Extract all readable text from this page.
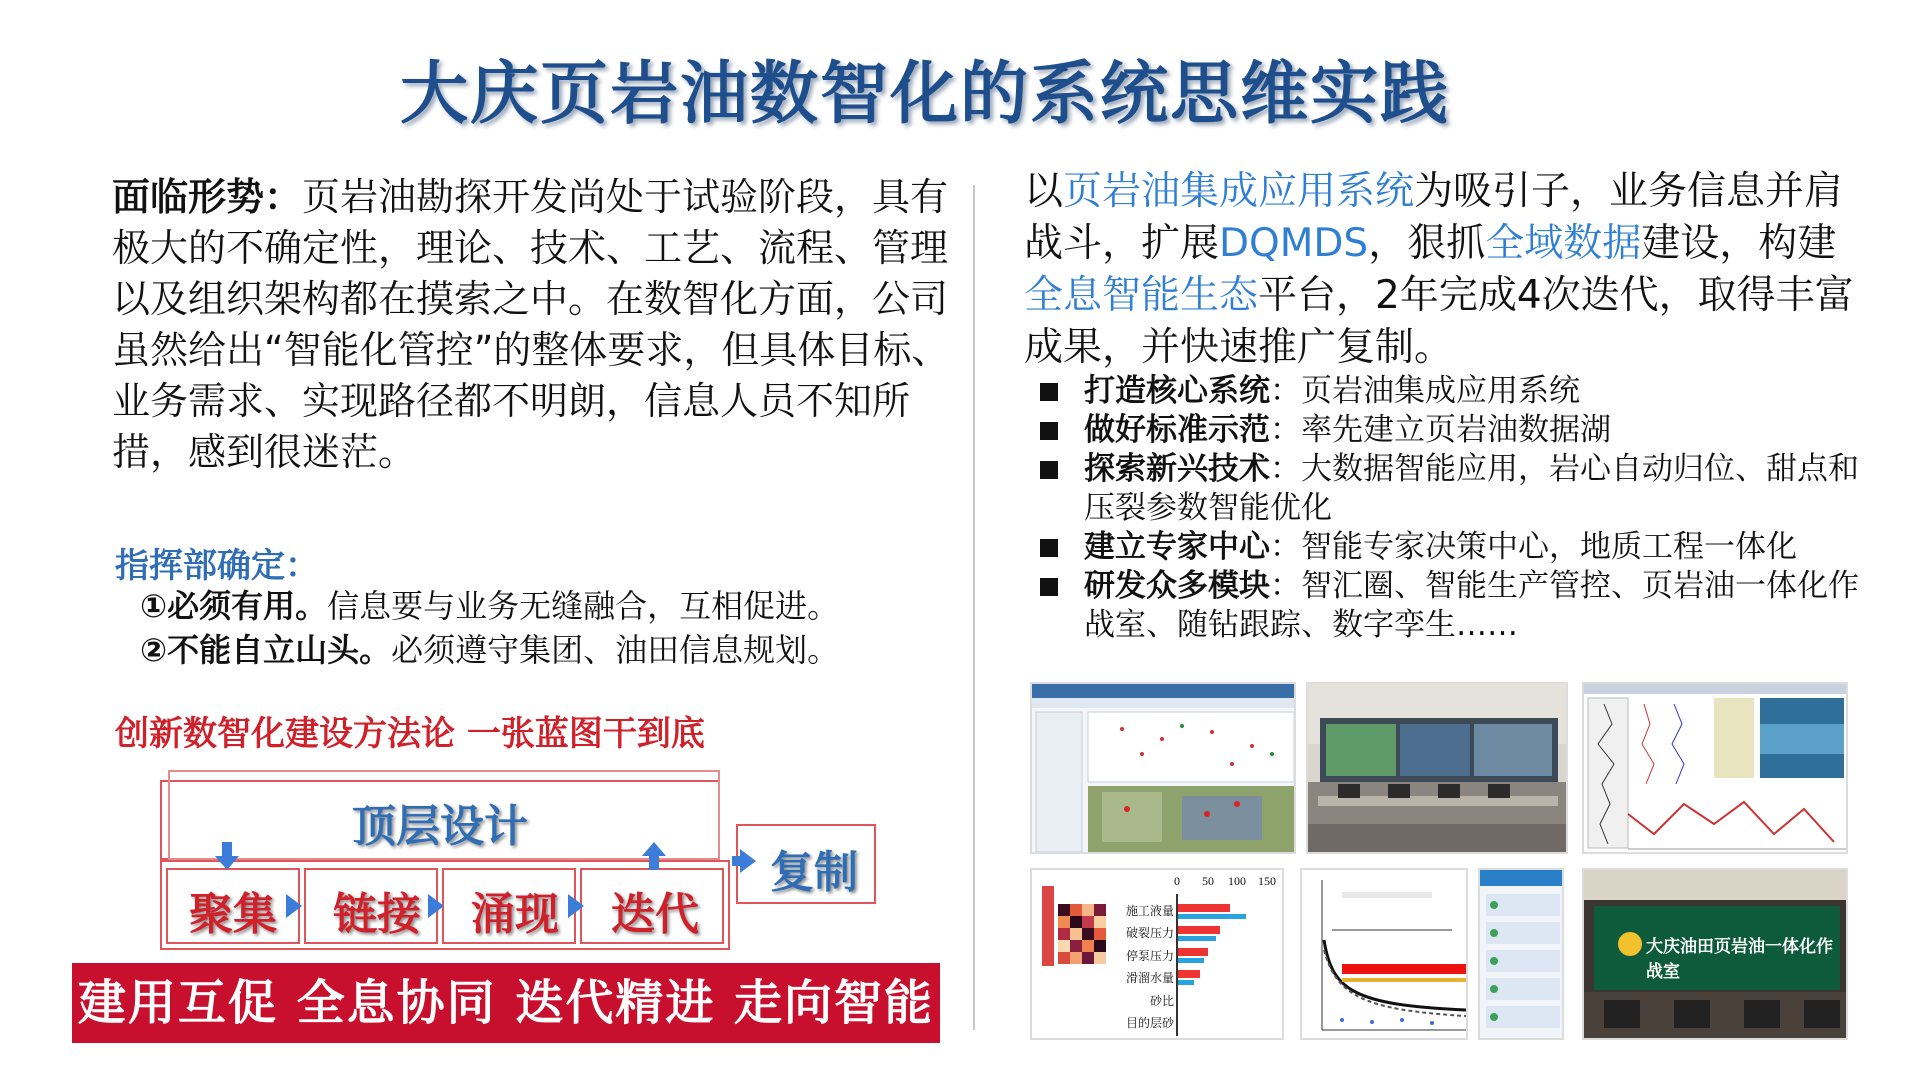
大庆页岩油数智化的系统思维实践
面临形势：页岩油勘探开发尚处于试验阶段，具有极大的不确定性，理论、技术、工艺、流程、管理以及组织架构都在摸索之中。在数智化方面，公司虽然给出“智能化管控”的整体要求，但具体目标、业务需求、实现路径都不明朗，信息人员不知所措，感到很迷茫。
指挥部确定：
①必须有用。信息要与业务无缝融合，互相促进。
②不能自立山头。必须遵守集团、油田信息规划。
创新数智化建设方法论 一张蓝图干到底
顶层设计
聚集	链接	涌现	迭代
复制
建用互促 全息协同 迭代精进 走向智能
以页岩油集成应用系统为吸引子，业务信息并肩战斗，扩展DQMDS，狠抓全域数据建设，构建全息智能生态平台，2年完成4次迭代，取得丰富成果，并快速推广复制。
打造核心系统：页岩油集成应用系统
做好标准示范：率先建立页岩油数据湖
探索新兴技术：大数据智能应用，岩心自动归位、甜点和压裂参数智能优化
建立专家中心：智能专家决策中心，地质工程一体化
研发众多模块：智汇圈、智能生产管控、页岩油一体化作战室、随钻跟踪、数字孪生……
0 50 100 150
施工液量
破裂压力
停泵压力
滑溜水量
砂比
目的层砂
大庆油田页岩油一体化作战室
